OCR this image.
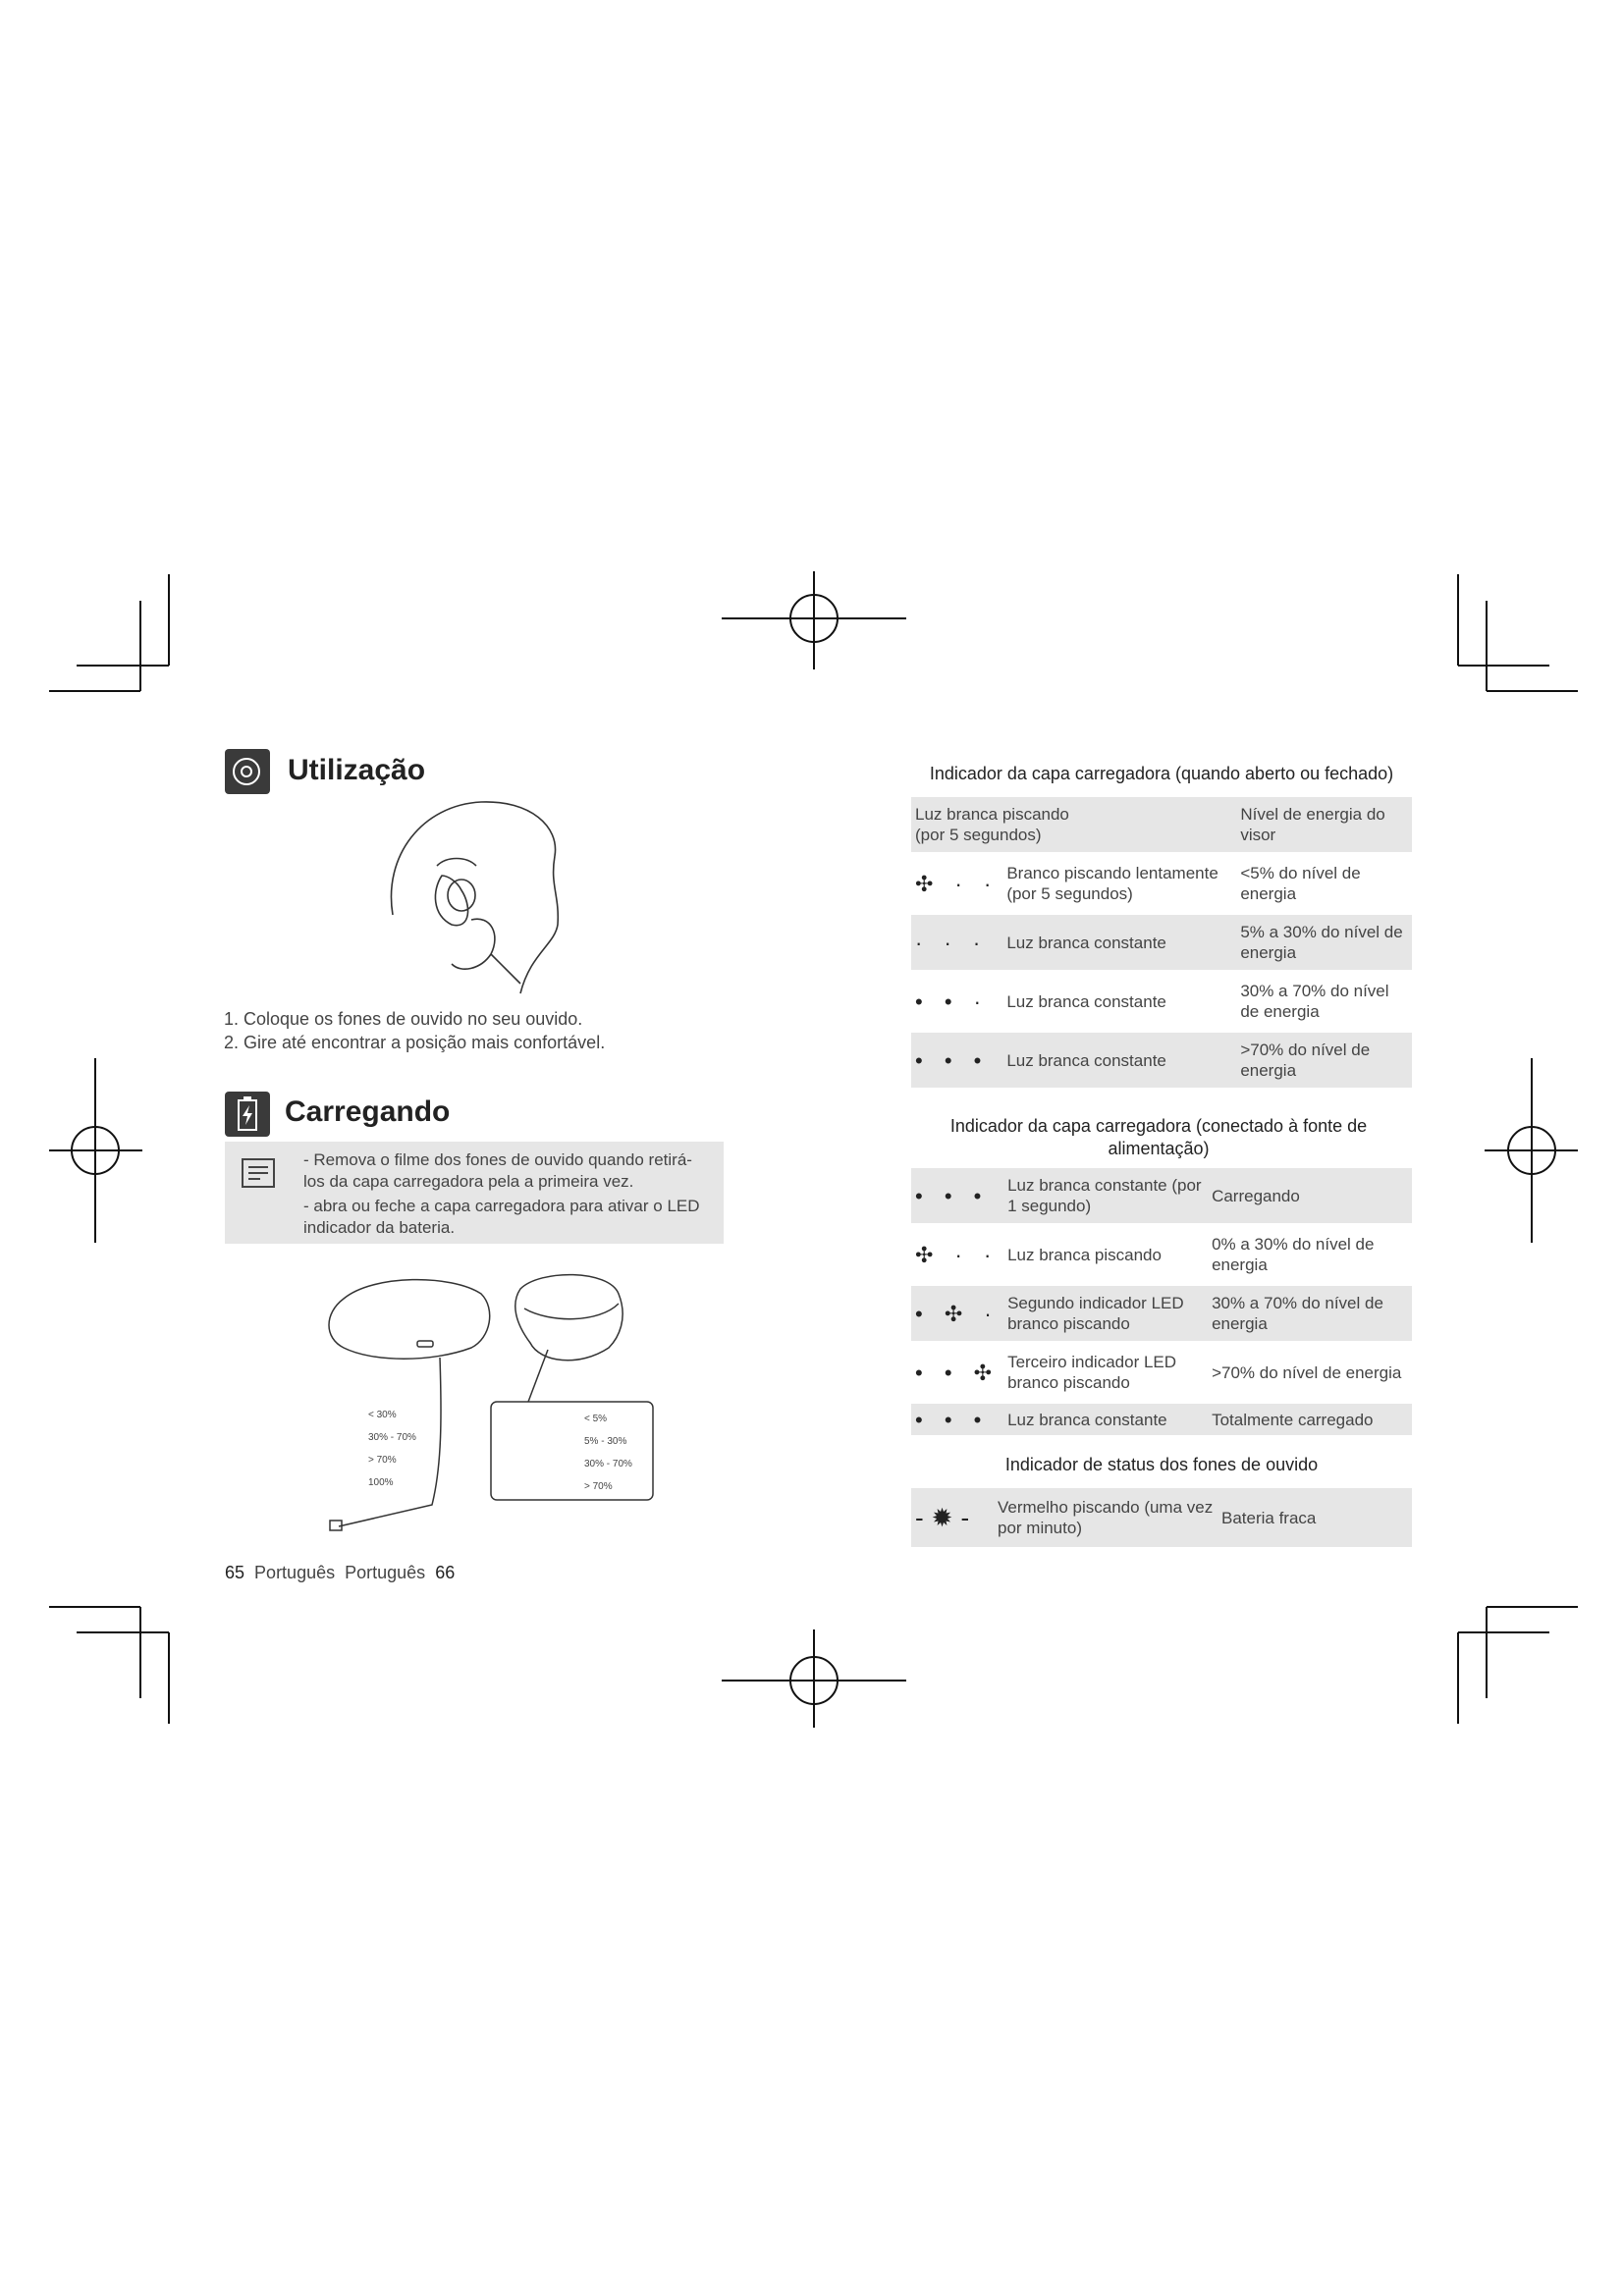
Utilização
1. Coloque os fones de ouvido no seu ouvido.
2. Gire até encontrar a posição mais confortável.
Carregando
- Remova o filme dos fones de ouvido quando retirá-los da capa carregadora pela a primeira vez.
- abra ou feche a capa carregadora para ativar o LED indicador da bateria.
< 30%
30% - 70%
> 70%
100%
< 5%
5% - 30%
30% - 70%
> 70%
Indicador da capa carregadora (quando aberto ou fechado)
Luz branca piscando
(por 5 segundos)		Nível de energia do visor
✣ · ·	Branco piscando lentamente (por 5 segundos)	<5% do nível de energia
· · ·	Luz branca constante	5% a 30% do nível de energia
• • ·	Luz branca constante	30% a 70% do nível de energia
• • •	Luz branca constante	>70% do nível de energia
Indicador da capa carregadora (conectado à fonte de alimentação)
• • •	Luz branca constante (por 1 segundo)	Carregando
✣ · ·	Luz branca piscando	0% a 30% do nível de energia
• ✣ ·	Segundo indicador LED branco piscando	30% a 70% do nível de energia
• • ✣	Terceiro indicador LED branco piscando	>70% do nível de energia
• • •	Luz branca constante	Totalmente carregado
Indicador de status dos fones de ouvido
-✹-	Vermelho piscando (uma vez por minuto)	Bateria fraca
65 Português Português 66
